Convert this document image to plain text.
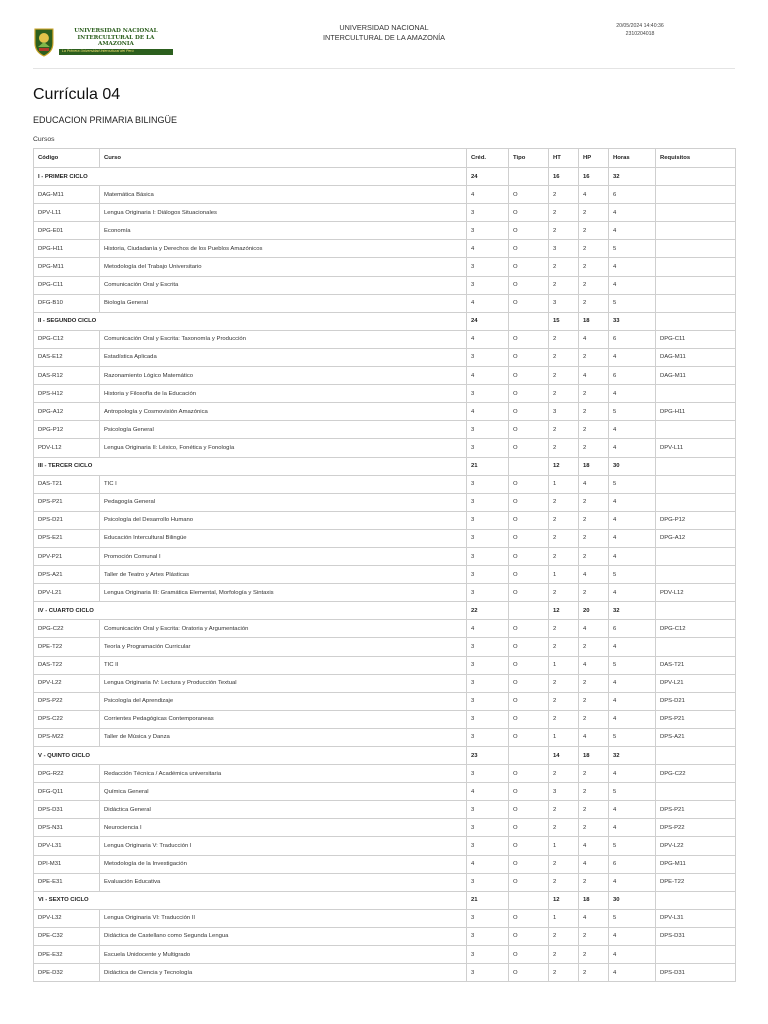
UNIVERSIDAD NACIONAL
INTERCULTURAL DE LA AMAZONIA
La Primera Universidad Intercultural del Perú
UNIVERSIDAD NACIONAL
INTERCULTURAL DE LA AMAZONÍA
20/05/2024 14:40:36
2310204018
Currícula 04
EDUCACION PRIMARIA BILINGÜE
Cursos
Código	Curso	Créd.	Tipo	HT	HP	Horas	Requisitos
I - PRIMER CICLO		24		16	16	32	
DAG-M11	Matemática Básica	4	O	2	4	6	
DPV-L11	Lengua Originaria I: Diálogos Situacionales	3	O	2	2	4	
DPG-E01	Economía	3	O	2	2	4	
DPG-H11	Historia, Ciudadanía y Derechos de los Pueblos Amazónicos	4	O	3	2	5	
DPG-M11	Metodología del Trabajo Universitario	3	O	2	2	4	
DPG-C11	Comunicación Oral y Escrita	3	O	2	2	4	
DFG-B10	Biología General	4	O	3	2	5	
II - SEGUNDO CICLO		24		15	18	33	
DPG-C12	Comunicación Oral y Escrita: Taxonomía y Producción	4	O	2	4	6	DPG-C11
DAS-E12	Estadística Aplicada	3	O	2	2	4	DAG-M11
DAS-R12	Razonamiento Lógico Matemático	4	O	2	4	6	DAG-M11
DPS-H12	Historia y Filosofía de la Educación	3	O	2	2	4	
DPG-A12	Antropología y Cosmovisión Amazónica	4	O	3	2	5	DPG-H11
DPG-P12	Psicología General	3	O	2	2	4	
PDV-L12	Lengua Originaria II: Léxico, Fonética y Fonología	3	O	2	2	4	DPV-L11
III - TERCER CICLO		21		12	18	30	
DAS-T21	TIC I	3	O	1	4	5	
DPS-P21	Pedagogía General	3	O	2	2	4	
DPS-D21	Psicología del Desarrollo Humano	3	O	2	2	4	DPG-P12
DPS-E21	Educación Intercultural Bilingüe	3	O	2	2	4	DPG-A12
DPV-P21	Promoción Comunal I	3	O	2	2	4	
DPS-A21	Taller de Teatro y Artes Plásticas	3	O	1	4	5	
DPV-L21	Lengua Originaria III: Gramática Elemental, Morfología y Sintaxis	3	O	2	2	4	PDV-L12
IV - CUARTO CICLO		22		12	20	32	
DPG-C22	Comunicación Oral y Escrita: Oratoria y Argumentación	4	O	2	4	6	DPG-C12
DPE-T22	Teoría y Programación Curricular	3	O	2	2	4	
DAS-T22	TIC II	3	O	1	4	5	DAS-T21
DPV-L22	Lengua Originaria IV: Lectura y Producción Textual	3	O	2	2	4	DPV-L21
DPS-P22	Psicología del Aprendizaje	3	O	2	2	4	DPS-D21
DPS-C22	Corrientes Pedagógicas Contemporaneas	3	O	2	2	4	DPS-P21
DPS-M22	Taller de Música y Danza	3	O	1	4	5	DPS-A21
V - QUINTO CICLO		23		14	18	32	
DPG-R22	Redacción Técnica / Académica universitaria	3	O	2	2	4	DPG-C22
DFG-Q11	Química General	4	O	3	2	5	
DPS-D31	Didáctica General	3	O	2	2	4	DPS-P21
DPS-N31	Neurociencia I	3	O	2	2	4	DPS-P22
DPV-L31	Lengua Originaria V: Traducción I	3	O	1	4	5	DPV-L22
DPI-M31	Metodología de la Investigación	4	O	2	4	6	DPG-M11
DPE-E31	Evaluación Educativa	3	O	2	2	4	DPE-T22
VI - SEXTO CICLO		21		12	18	30	
DPV-L32	Lengua Originaria VI: Traducción II	3	O	1	4	5	DPV-L31
DPE-C32	Didáctica de Castellano como Segunda Lengua	3	O	2	2	4	DPS-D31
DPE-E32	Escuela Unidocente y Multigrado	3	O	2	2	4	
DPE-D32	Didáctica de Ciencia y Tecnología	3	O	2	2	4	DPS-D31
